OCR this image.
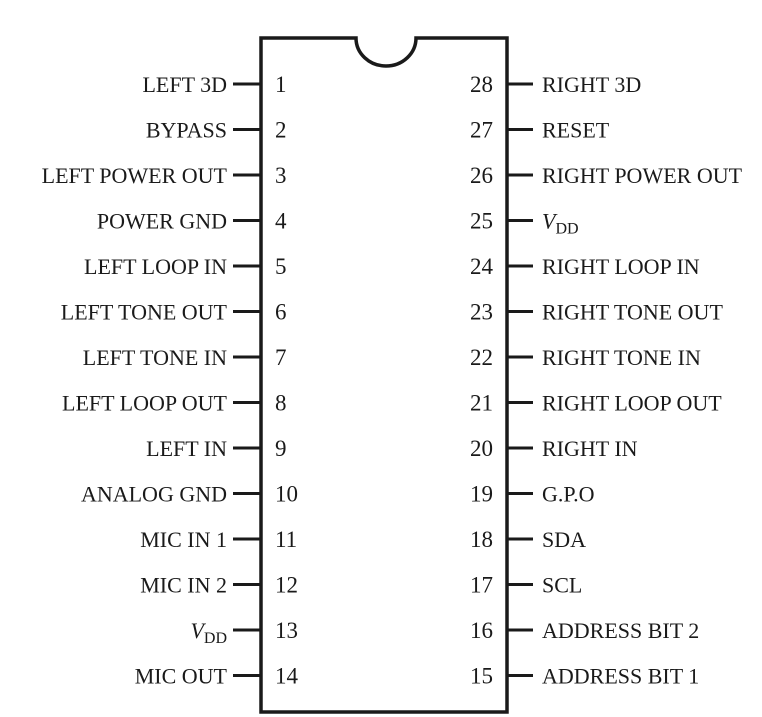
LEFT 3D 1
BYPASS 2
LEFT POWER OUT 3
POWER GND 4
LEFT LOOP IN 5
LEFT TONE OUT 6
LEFT TONE IN 7
LEFT LOOP OUT 8
LEFT IN 9
ANALOG GND 10
MIC IN 1 11
MIC IN 2 12
$V_{DD}$ 13
MIC OUT 14
RIGHT 3D
28
RESET
27
RIGHT POWER OUT
26
$V_{DD}$
25
RIGHT LOOP IN
24
RIGHT TONE OUT
23
RIGHT TONE IN
22
RIGHT LOOP OUT
21
RIGHT IN
20
G.P.O
19
SDA
18
SCL
17
ADDRESS BIT 2
16
ADDRESS BIT 1
15
